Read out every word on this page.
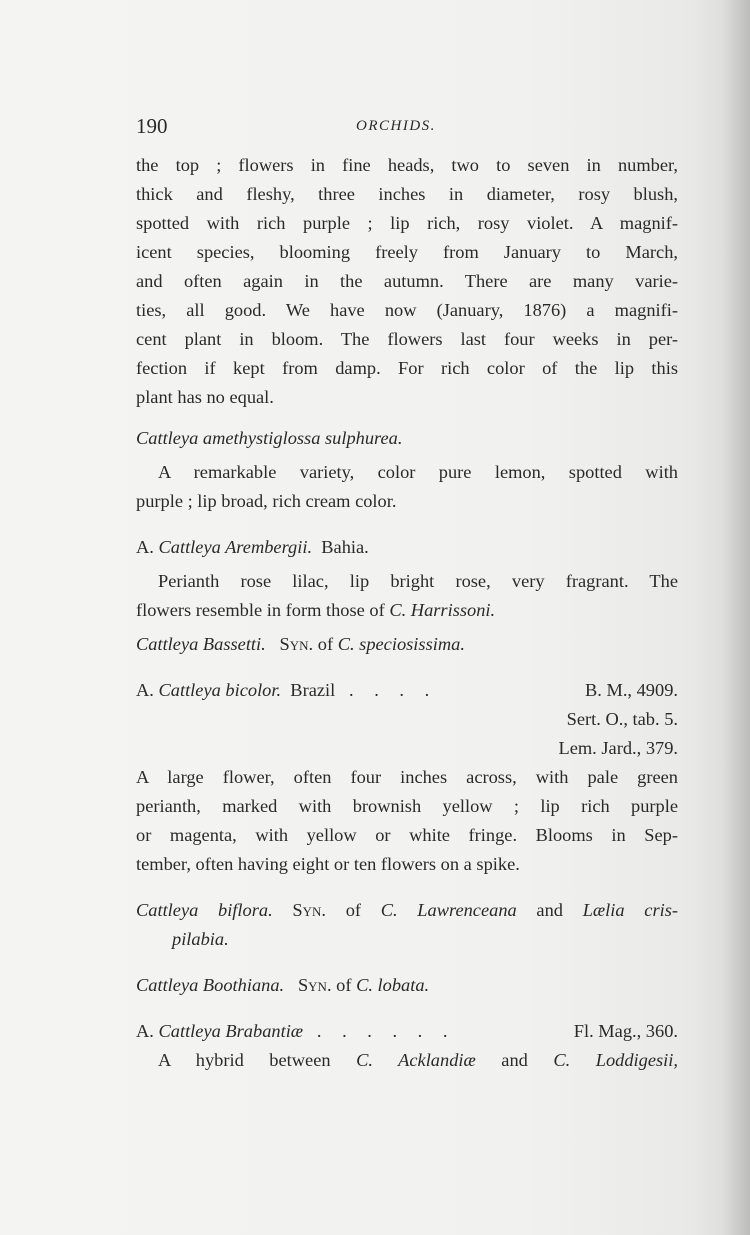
190	ORCHIDS.
the top ; flowers in fine heads, two to seven in number,
thick and fleshy, three inches in diameter, rosy blush,
spotted with rich purple ; lip rich, rosy violet. A magnif-
icent species, blooming freely from January to March,
and often again in the autumn. There are many varie-
ties, all good. We have now (January, 1876) a magnifi-
cent plant in bloom. The flowers last four weeks in per-
fection if kept from damp. For rich color of the lip this
plant has no equal.
Cattleya amethystiglossa sulphurea.
A remarkable variety, color pure lemon, spotted with
purple ; lip broad, rich cream color.
A. Cattleya Arembergii. Bahia.
Perianth rose lilac, lip bright rose, very fragrant. The
flowers resemble in form those of C. Harrissoni.
Cattleya Bassetti. Syn. of C. speciosissima.
A. Cattleya bicolor. Brazil . . . .	B. M., 4909.
Sert. O., tab. 5.
Lem. Jard., 379.
A large flower, often four inches across, with pale green
perianth, marked with brownish yellow ; lip rich purple
or magenta, with yellow or white fringe. Blooms in Sep-
tember, often having eight or ten flowers on a spike.
Cattleya biflora. Syn. of C. Lawrenceana and Lælia cris-
pilabia.
Cattleya Boothiana. Syn. of C. lobata.
A. Cattleya Brabantiæ . . . . . .	Fl. Mag., 360.
A hybrid between C. Acklandiæ and C. Loddigesii,
